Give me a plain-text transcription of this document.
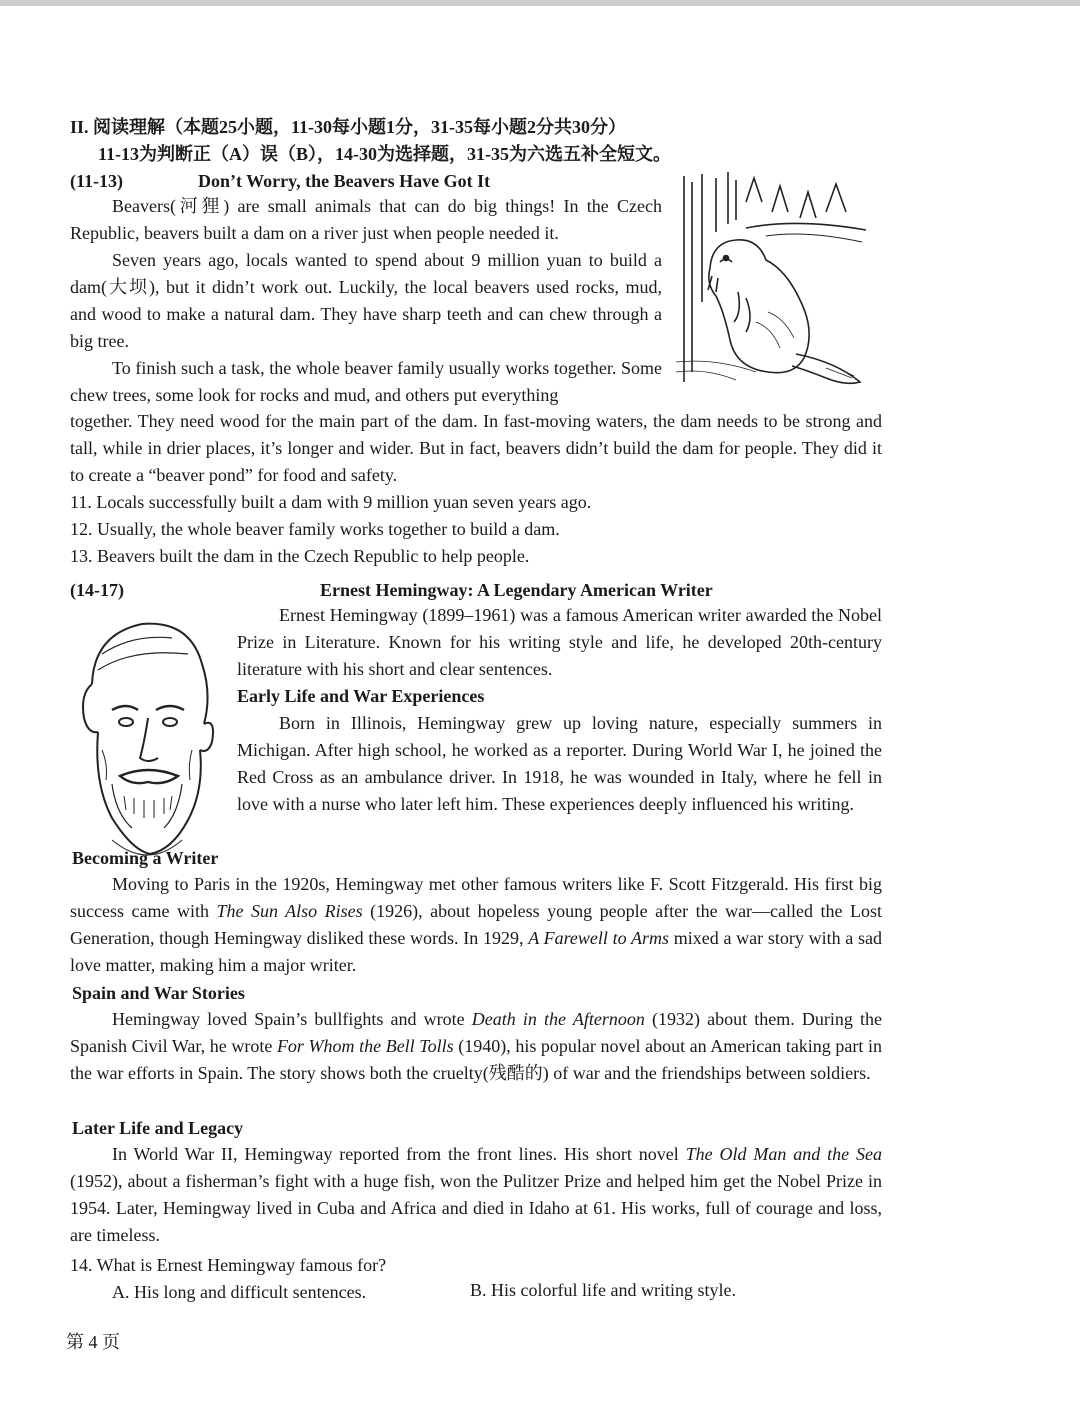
II. 阅读理解（本题25小题，11-30每小题1分，31-35每小题2分共30分）
11-13为判断正（A）误（B），14-30为选择题，31-35为六选五补全短文。
(11-13)	Don’t Worry, the Beavers Have Got It

Beavers(河狸) are small animals that can do big things! In the Czech Republic, beavers built a dam on a river just when people needed it.

Seven years ago, locals wanted to spend about 9 million yuan to build a dam(大坝), but it didn’t work out. Luckily, the local beavers used rocks, mud, and wood to make a natural dam. They have sharp teeth and can chew through a big tree.

To finish such a task, the whole beaver family usually works together. Some chew trees, some look for rocks and mud, and others put everything

together. They need wood for the main part of the dam. In fast-moving waters, the dam needs to be strong and tall, while in drier places, it’s longer and wider. But in fact, beavers didn’t build the dam for people. They did it to create a “beaver pond” for food and safety.

11. Locals successfully built a dam with 9 million yuan seven years ago.
12. Usually, the whole beaver family works together to build a dam.
13. Beavers built the dam in the Czech Republic to help people.
(14-17)	Ernest Hemingway: A Legendary American Writer

Ernest Hemingway (1899–1961) was a famous American writer awarded the Nobel Prize in Literature. Known for his writing style and life, he developed 20th-century literature with his short and clear sentences.

Early Life and War Experiences

Born in Illinois, Hemingway grew up loving nature, especially summers in Michigan. After high school, he worked as a reporter. During World War I, he joined the Red Cross as an ambulance driver. In 1918, he was wounded in Italy, where he fell in love with a nurse who later left him. These experiences deeply influenced his writing.

Becoming a Writer

Moving to Paris in the 1920s, Hemingway met other famous writers like F. Scott Fitzgerald. His first big success came with The Sun Also Rises (1926), about hopeless young people after the war—called the Lost Generation, though Hemingway disliked these words. In 1929, A Farewell to Arms mixed a war story with a sad love matter, making him a major writer.

Spain and War Stories

Hemingway loved Spain’s bullfights and wrote Death in the Afternoon (1932) about them. During the Spanish Civil War, he wrote For Whom the Bell Tolls (1940), his popular novel about an American taking part in the war efforts in Spain. The story shows both the cruelty(残酷的) of war and the friendships between soldiers.

Later Life and Legacy

In World War II, Hemingway reported from the front lines. His short novel The Old Man and the Sea (1952), about a fisherman’s fight with a huge fish, won the Pulitzer Prize and helped him get the Nobel Prize in 1954. Later, Hemingway lived in Cuba and Africa and died in Idaho at 61. His works, full of courage and loss, are timeless.

14. What is Ernest Hemingway famous for?
A. His long and difficult sentences.	B. His colorful life and writing style.
第 4 页
